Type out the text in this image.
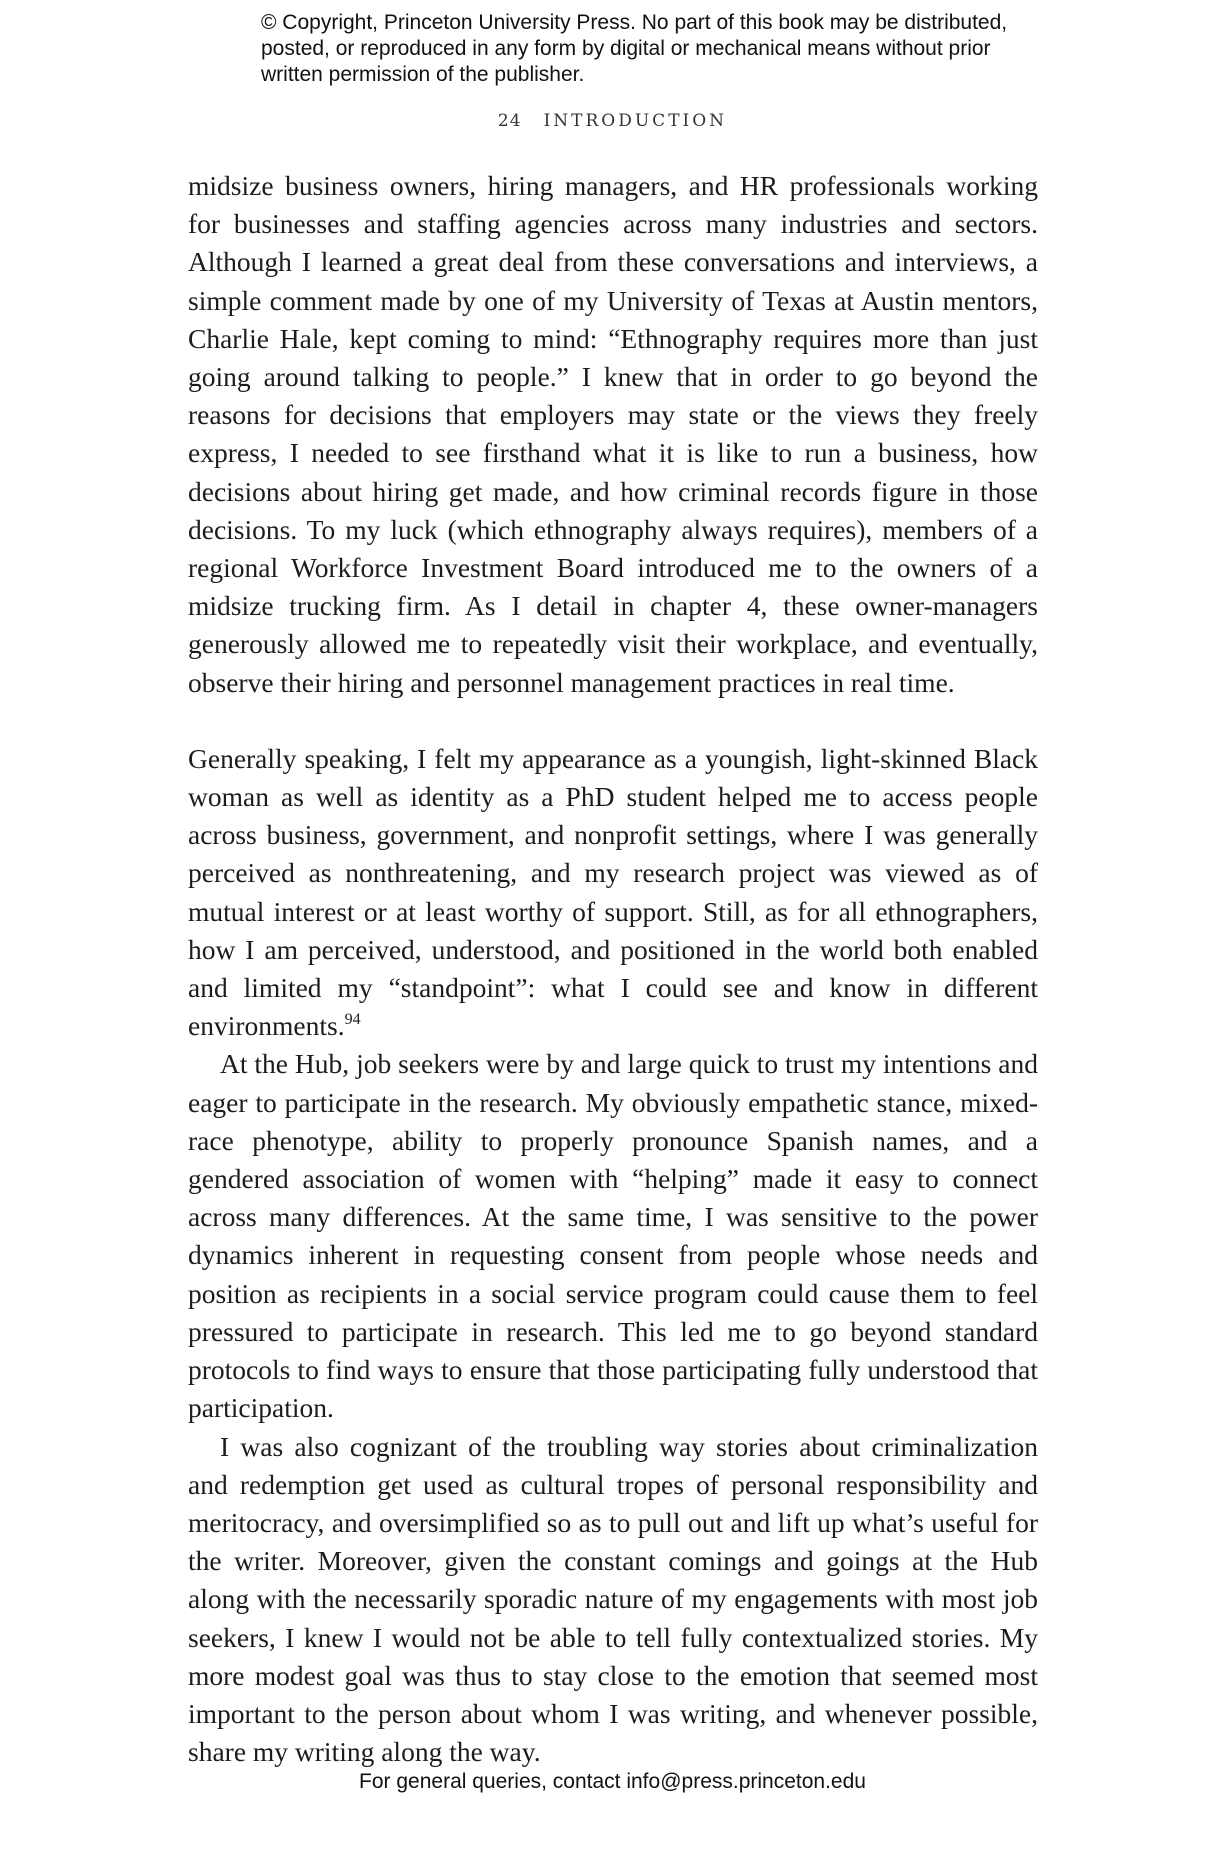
© Copyright, Princeton University Press. No part of this book may be distributed, posted, or reproduced in any form by digital or mechanical means without prior written permission of the publisher.
24 INTRODUCTION

midsize business owners, hiring managers, and HR professionals working for businesses and staffing agencies across many industries and sectors. Although I learned a great deal from these conversations and interviews, a simple comment made by one of my University of Texas at Austin mentors, Charlie Hale, kept coming to mind: “Ethnography requires more than just going around talking to people.” I knew that in order to go beyond the reasons for decisions that employers may state or the views they freely express, I needed to see firsthand what it is like to run a business, how decisions about hiring get made, and how criminal records figure in those decisions. To my luck (which ethnography always requires), members of a regional Workforce Investment Board introduced me to the owners of a midsize trucking firm. As I detail in chapter 4, these owner-managers generously allowed me to repeatedly visit their workplace, and eventually, observe their hiring and personnel management practices in real time.

Generally speaking, I felt my appearance as a youngish, light-skinned Black woman as well as identity as a PhD student helped me to access people across business, government, and nonprofit settings, where I was generally perceived as nonthreatening, and my research project was viewed as of mutual interest or at least worthy of support. Still, as for all ethnographers, how I am perceived, understood, and positioned in the world both enabled and limited my “standpoint”: what I could see and know in different environments.$^{94}$

At the Hub, job seekers were by and large quick to trust my intentions and eager to participate in the research. My obviously empathetic stance, mixed-race phenotype, ability to properly pronounce Spanish names, and a gendered association of women with “helping” made it easy to connect across many differences. At the same time, I was sensitive to the power dynamics inherent in requesting consent from people whose needs and position as recipients in a social service program could cause them to feel pressured to participate in research. This led me to go beyond standard protocols to find ways to ensure that those participating fully understood that participation.

I was also cognizant of the troubling way stories about criminalization and redemption get used as cultural tropes of personal responsibility and meritocracy, and oversimplified so as to pull out and lift up what’s useful for the writer. Moreover, given the constant comings and goings at the Hub along with the necessarily sporadic nature of my engagements with most job seekers, I knew I would not be able to tell fully contextualized stories. My more modest goal was thus to stay close to the emotion that seemed most important to the person about whom I was writing, and whenever possible, share my writing along the way.

For general queries, contact info@press.princeton.edu
